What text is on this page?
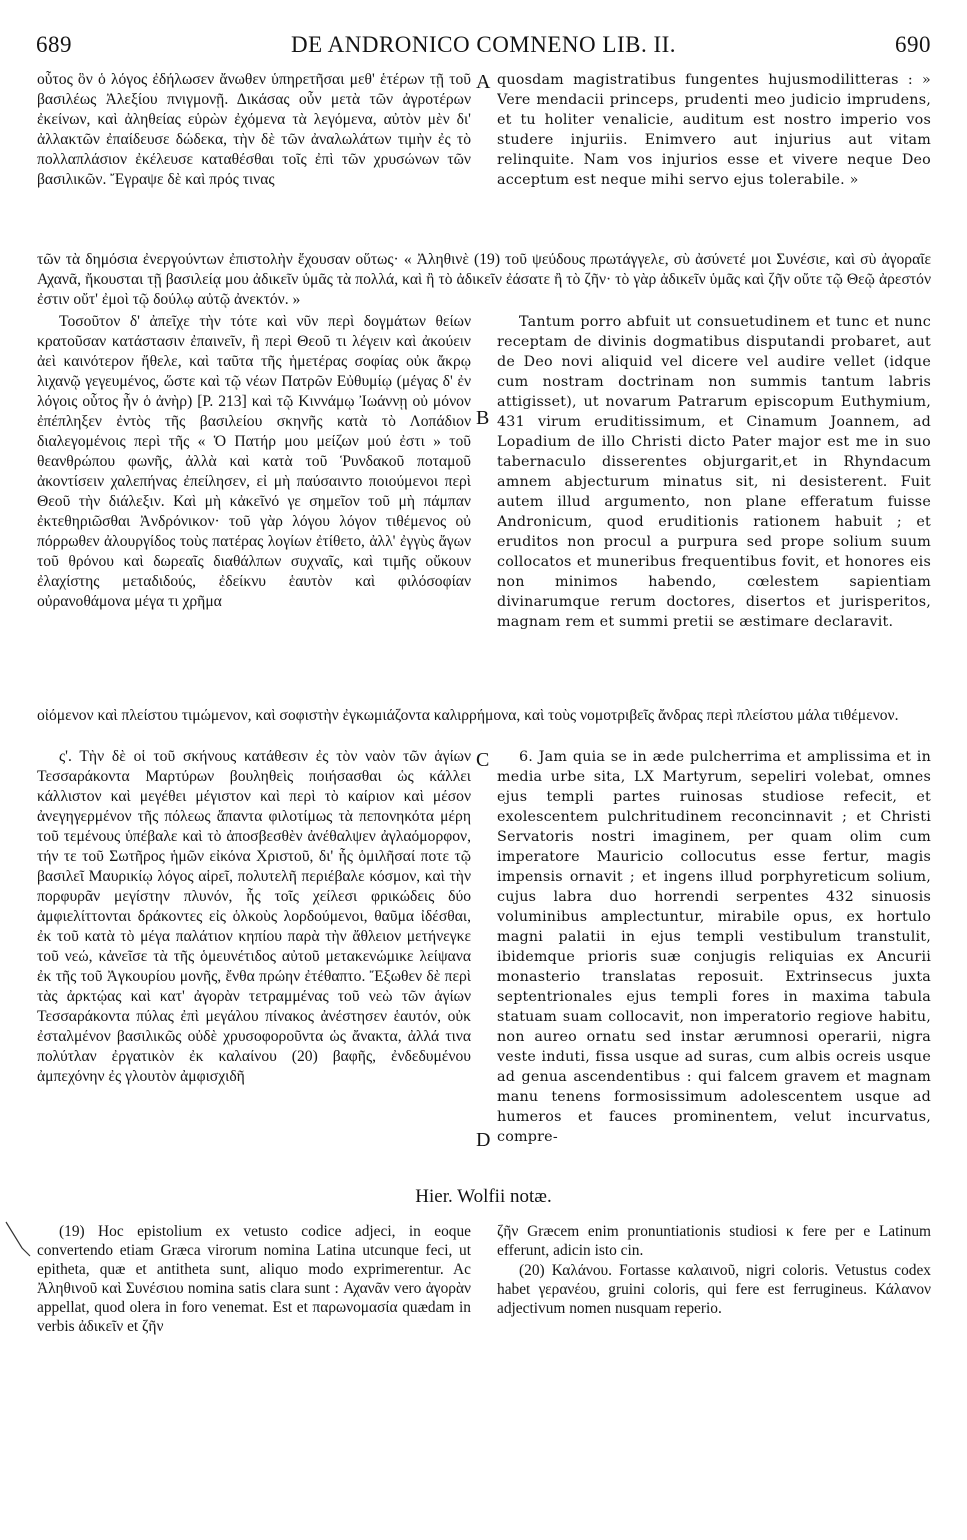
689	DE ANDRONICO COMNENO LIB. II.	690

οὗτος ὃν ὁ λόγος ἐδήλωσεν ἄνωθεν ὑπηρετῆσαι μεθ' ἑτέρων τῇ τοῦ βασιλέως Ἀλεξίου πνιγμονῇ. Δικάσας οὖν μετὰ τῶν ἀγροτέρων ἐκείνων, καὶ ἀληθείας εὑρὼν ἐχόμενα τὰ λεγόμενα, αὐτὸν μὲν δι' ἀλλακτῶν ἐπαίδευσε δώδεκα, τὴν δὲ τῶν ἀναλωλάτων τιμὴν ἐς τὸ πολλαπλάσιον ἐκέλευσε καταθέσθαι τοῖς ἐπὶ τῶν χρυσώνων τῶν βασιλικῶν. Ἔγραψε δὲ καὶ πρός τινας

A quosdam magistratibus fungentes hujusmodilitteras : » Vere mendacii princeps, prudenti meo judicio imprudens, et tu holiter venalicie, auditum est nostro imperio vos studere injuriis. Enimvero aut injurius aut vitam relinquite. Nam vos injurios esse et vivere neque Deo acceptum est neque mihi servo ejus tolerabile. »

τῶν τὰ δημόσια ἐνεργούντων ἐπιστολὴν ἔχουσαν οὕτως· « Ἀληθινὲ (19) τοῦ ψεύδους πρωτάγγελε, σὺ ἀσύνετέ μοι Συνέσιε, καὶ σὺ ἀγοραῖε Αχανᾶ, ἤκουσται τῇ βασιλείᾳ μου ἀδικεῖν ὑμᾶς τὰ πολλά, καὶ ἢ τὸ ἀδικεῖν ἐάσατε ἢ τὸ ζῆν· τὸ γὰρ ἀδικεῖν ὑμᾶς καὶ ζῆν οὔτε τῷ Θεῷ ἀρεστόν ἐστιν οὔτ' ἐμοὶ τῷ δούλῳ αὐτῷ ἀνεκτόν. »

Τοσοῦτον δ' ἀπεῖχε τὴν τότε καὶ νῦν περὶ δογμάτων θείων κρατοῦσαν κατάστασιν ἐπαινεῖν, ἢ περὶ Θεοῦ τι λέγειν καὶ ἀκούειν ἀεὶ καινότερον ἤθελε, καὶ ταῦτα τῆς ἡμετέρας σοφίας οὐκ ἄκρῳ λιχανῷ γεγευμένος, ὥστε καὶ τῷ νέων Πατρῶν Εὐθυμίῳ (μέγας δ' ἐν λόγοις οὗτος ἦν ὁ ἀνὴρ) [P. 213] καὶ τῷ Κιννάμῳ Ἰωάννῃ οὐ μόνον ἐπέπληξεν ἐντὸς τῆς βασιλείου σκηνῆς κατὰ τὸ Λοπάδιον διαλεγομένοις περὶ τῆς « Ὁ Πατήρ μου μείζων μού ἐστι » τοῦ θεανθρώπου φωνῆς, ἀλλὰ καὶ κατὰ τοῦ Ῥυνδακοῦ ποταμοῦ ἀκοντίσειν χαλεπήνας ἐπείλησεν, εἰ μὴ παύσαιντο ποιούμενοι περὶ Θεοῦ τὴν διάλεξιν. Καὶ μὴ κἀκεῖνό γε σημεῖον τοῦ μὴ πάμπαν ἐκτεθηριῶσθαι Ἀνδρόνικον· τοῦ γὰρ λόγου λόγον τιθέμενος οὐ πόρρωθεν ἀλουργίδος τοὺς πατέρας λογίων ἐτίθετο, ἀλλ' ἐγγὺς ἄγων τοῦ θρόνου καὶ δωρεαῖς διαθάλπων συχναῖς, καὶ τιμῆς οὔκουν ἐλαχίστης μεταδιδούς, ἐδείκνυ ἑαυτὸν καὶ φιλόσοφίαν οὐρανοθάμονα μέγα τι χρῆμα

B

Tantum porro abfuit ut consuetudinem et tunc et nunc receptam de divinis dogmatibus disputandi probaret, aut de Deo novi aliquid vel dicere vel audire vellet (idque cum nostram doctrinam non summis tantum labris attigisset), ut novarum Patrarum episcopum Euthymium, 431 virum eruditissimum, et Cinamum Joannem, ad Lopadium de illo Christi dicto Pater major est me in suo tabernaculo disserentes objurgarit,et in Rhyndacum amnem abjecturum minatus sit, ni desisterent. Fuit autem illud argumento, non plane efferatum fuisse Andronicum, quod eruditionis rationem habuit ; et eruditos non procul a purpura sed prope solium suum collocatos et muneribus frequentibus fovit, et honores eis non minimos habendo, cœlestem sapientiam divinarumque rerum doctores, disertos et jurisperitos, magnam rem et summi pretii se æstimare declaravit.

οἰόμενον καὶ πλείστου τιμώμενον, καὶ σοφιστὴν ἐγκωμιάζοντα καλιρρήμονα, καὶ τοὺς νομοτριβεῖς ἄνδρας περὶ πλείστου μάλα τιθέμενον.

ς'. Τὴν δὲ οἱ τοῦ σκήνους κατάθεσιν ἐς τὸν ναὸν τῶν ἁγίων Τεσσαράκοντα Μαρτύρων βουληθεὶς ποιήσασθαι ὡς κάλλει κάλλιστον καὶ μεγέθει μέγιστον καὶ περὶ τὸ καίριον καὶ μέσον ἀνεγηγερμένον τῆς πόλεως ἅπαντα φιλοτίμως τὰ πεπονηκότα μέρη τοῦ τεμένους ὑπέβαλε καὶ τὸ ἀποσβεσθὲν ἀνέθαλψεν ἀγλαόμορφον, τήν τε τοῦ Σωτῆρος ἡμῶν εἰκόνα Χριστοῦ, δι' ἧς ὁμιλῆσαί ποτε τῷ βασιλεῖ Μαυρικίῳ λόγος αἱρεῖ, πολυτελῆ περιέβαλε κόσμον, καὶ τὴν πορφυρᾶν μεγίστην πλυνόν, ἧς τοῖς χείλεσι φρικώδεις δύο ἀμφιελίττονται δράκοντες εἰς ὁλκοὺς λορδούμενοι, θαῦμα ἰδέσθαι, ἐκ τοῦ κατὰ τὸ μέγα παλάτιον κηπίου παρὰ τὴν ἄθλειον μετήνεγκε τοῦ νεώ, κἀνεῖσε τὰ τῆς ὁμευνέτιδος αὐτοῦ μετακενώμικε λείψανα ἐκ τῆς τοῦ Ἀγκουρίου μονῆς, ἔνθα πρώην ἐτέθαπτο. Ἔξωθεν δὲ περὶ τὰς ἀρκτῴας καὶ κατ' ἀγορὰν τετραμμένας τοῦ νεὼ τῶν ἁγίων Τεσσαράκοντα πύλας ἐπὶ μεγάλου πίνακος ἀνέστησεν ἑαυτόν, οὐκ ἐσταλμένον βασιλικῶς οὐδὲ χρυσοφοροῦντα ὡς ἄνακτα, ἀλλά τινα πολύτλαν ἐργατικὸν ἐκ καλαίνου (20) βαφῆς, ἐνδεδυμένου ἀμπεχόνην ἐς γλουτὸν ἀμφισχιδῆ

C
D

6. Jam quia se in æde pulcherrima et amplissima et in media urbe sita, LX Martyrum, sepeliri volebat, omnes ejus templi partes ruinosas studiose refecit, et exolescentem pulchritudinem reconcinnavit ; et Christi Servatoris nostri imaginem, per quam olim cum imperatore Mauricio collocutus esse fertur, magis impensis ornavit ; et ingens illud porphyreticum solium, cujus labra duo horrendi serpentes 432 sinuosis voluminibus amplectuntur, mirabile opus, ex hortulo magni palatii in ejus templi vestibulum transtulit, ibidemque prioris suæ conjugis reliquias ex Ancurii monasterio translatas reposuit. Extrinsecus juxta septentrionales ejus templi fores in maxima tabula statuam suam collocavit, non imperatorio regiove habitu, non aureo ornatu sed instar ærumnosi operarii, nigra veste induti, fissa usque ad suras, cum albis ocreis usque ad genua ascendentibus : qui falcem gravem et magnam manu tenens formosissimum adolescentem usque ad humeros et fauces prominentem, velut incurvatus, compre-

Hier. Wolfii notæ.

(19) Hoc epistolium ex vetusto codice adjeci, in eoque convertendo etiam Græca virorum nomina Latina utcunque feci, ut epitheta, quæ et antitheta sunt, aliquo modo exprimerentur. Ac Ἀληθινοῦ καὶ Συνέσιου nomina satis clara sunt : Αχανᾶν vero ἀγορὰν appellat, quod olera in foro venemat. Est et παρωνομασία quædam in verbis ἀδικεῖν et ζῆν

ζῆν Græcem enim pronuntiationis studiosi κ fere per e Latinum efferunt, adicin isto cin.

(20) Καλάνου. Fortasse καλαινοῦ, nigri coloris. Vetustus codex habet γερανέου, gruini coloris, qui fere est ferrugineus. Κάλανον adjectivum nomen nusquam reperio.
